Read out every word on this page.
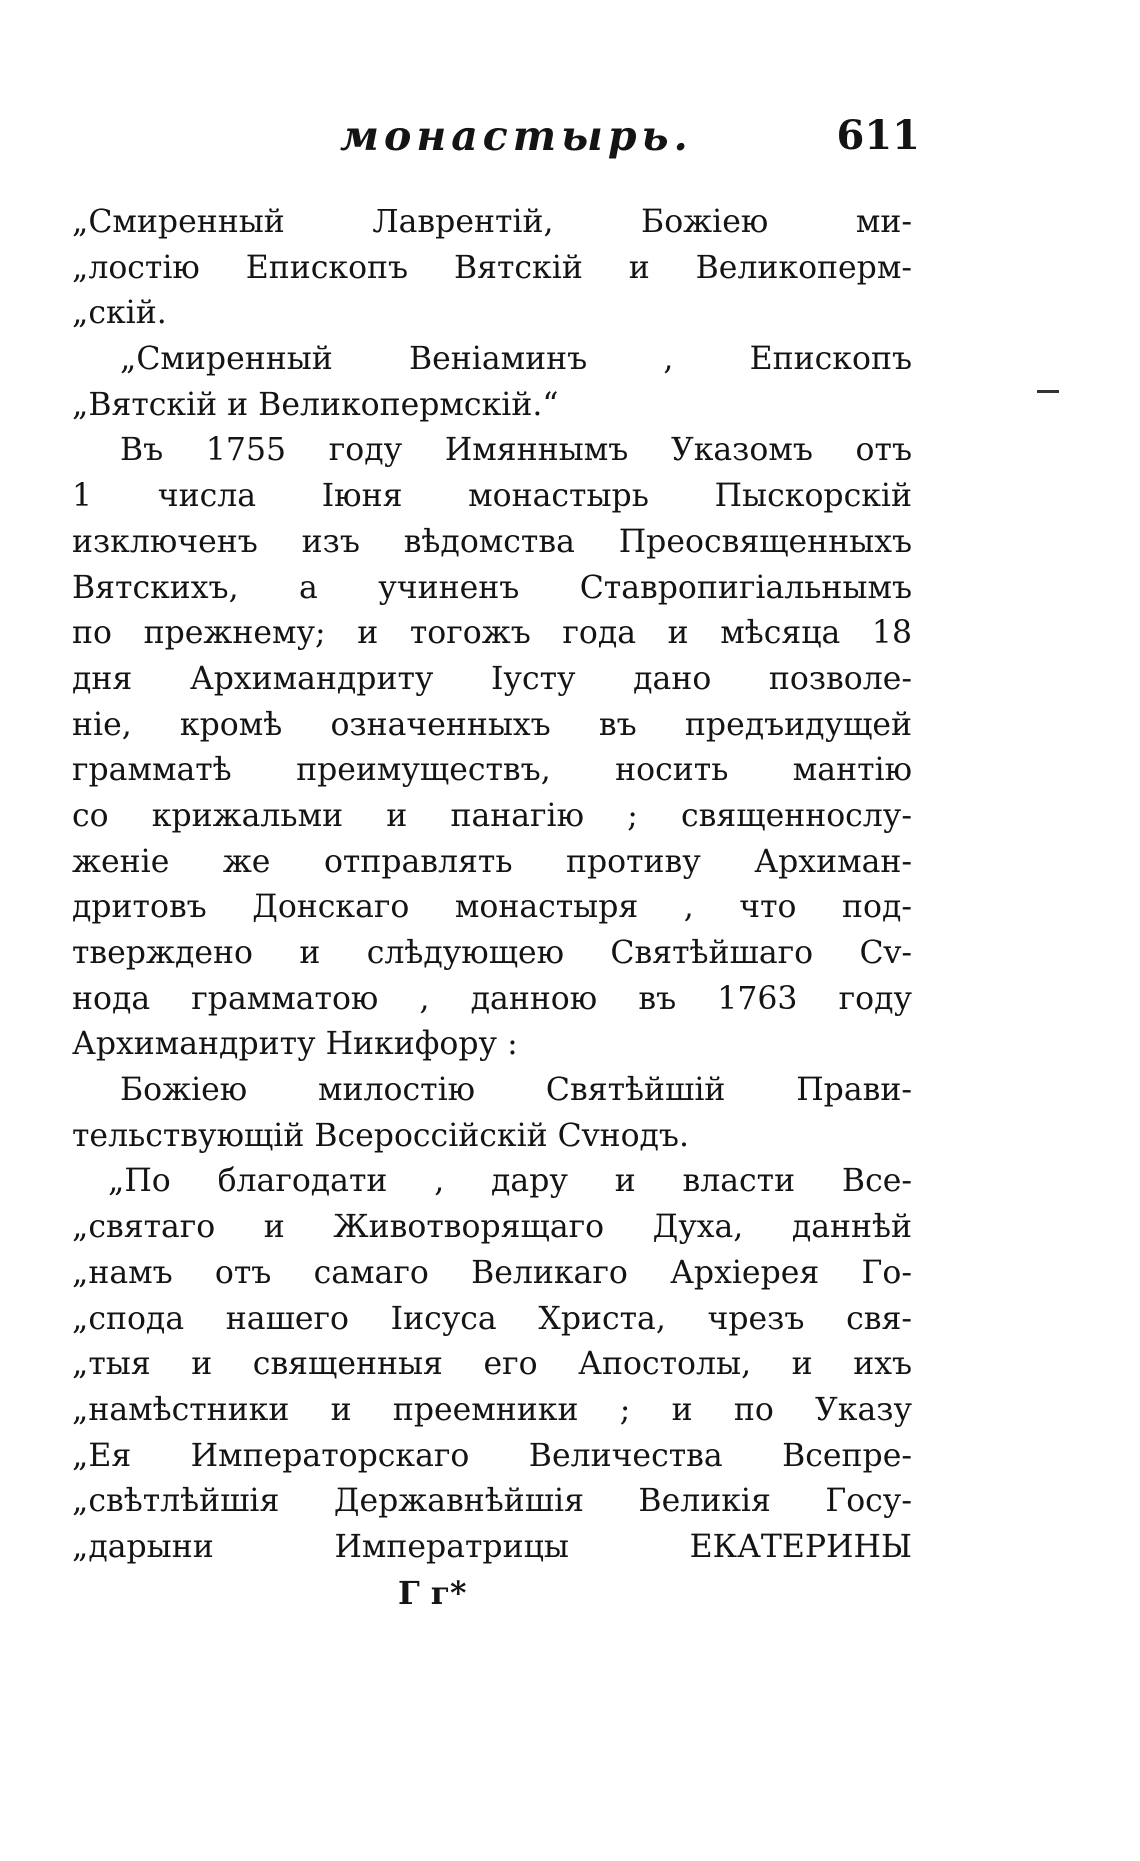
монастырь.	611
„Смиренный Лаврентій, Божіею ми-
„лостію Епископъ Вятскій и Великоперм-
„скій.
„Смиренный Веніаминъ , Епископъ
„Вятскій и Великопермскій.“
Въ 1755 году Имяннымъ Указомъ отъ
1 числа Іюня монастырь Пыскорскій
изключенъ изъ вѣдомства Преосвященныхъ
Вятскихъ, а учиненъ Ставропигіальнымъ
по прежнему; и тогожъ года и мѣсяца 18
дня Архимандриту Іусту дано позволе-
ніе, кромѣ означенныхъ въ предъидущей
грамматѣ преимуществъ, носить мантію
со крижальми и панагію ; священнослу-
женіе же отправлять противу Архиман-
дритовъ Донскаго монастыря , что под-
тверждено и слѣдующею Святѣйшаго Сv-
нода грамматою , данною въ 1763 году
Архимандриту Никифору :
Божіею милостію Святѣйшій Прави-
тельствующій Всероссійскій Сvнодъ.
„По благодати , дару и власти Все-
„святаго и Животворящаго Духа, даннѣй
„намъ отъ самаго Великаго Архіерея Го-
„спода нашего Іисуса Христа, чрезъ свя-
„тыя и священныя его Апостолы, и ихъ
„намѣстники и преемники ; и по Указу
„Ея Императорскаго Величества Всепре-
„свѣтлѣйшія Державнѣйшія Великія Госу-
„дарыни Императрицы ЕКАТЕРИНЫ
Г г*
